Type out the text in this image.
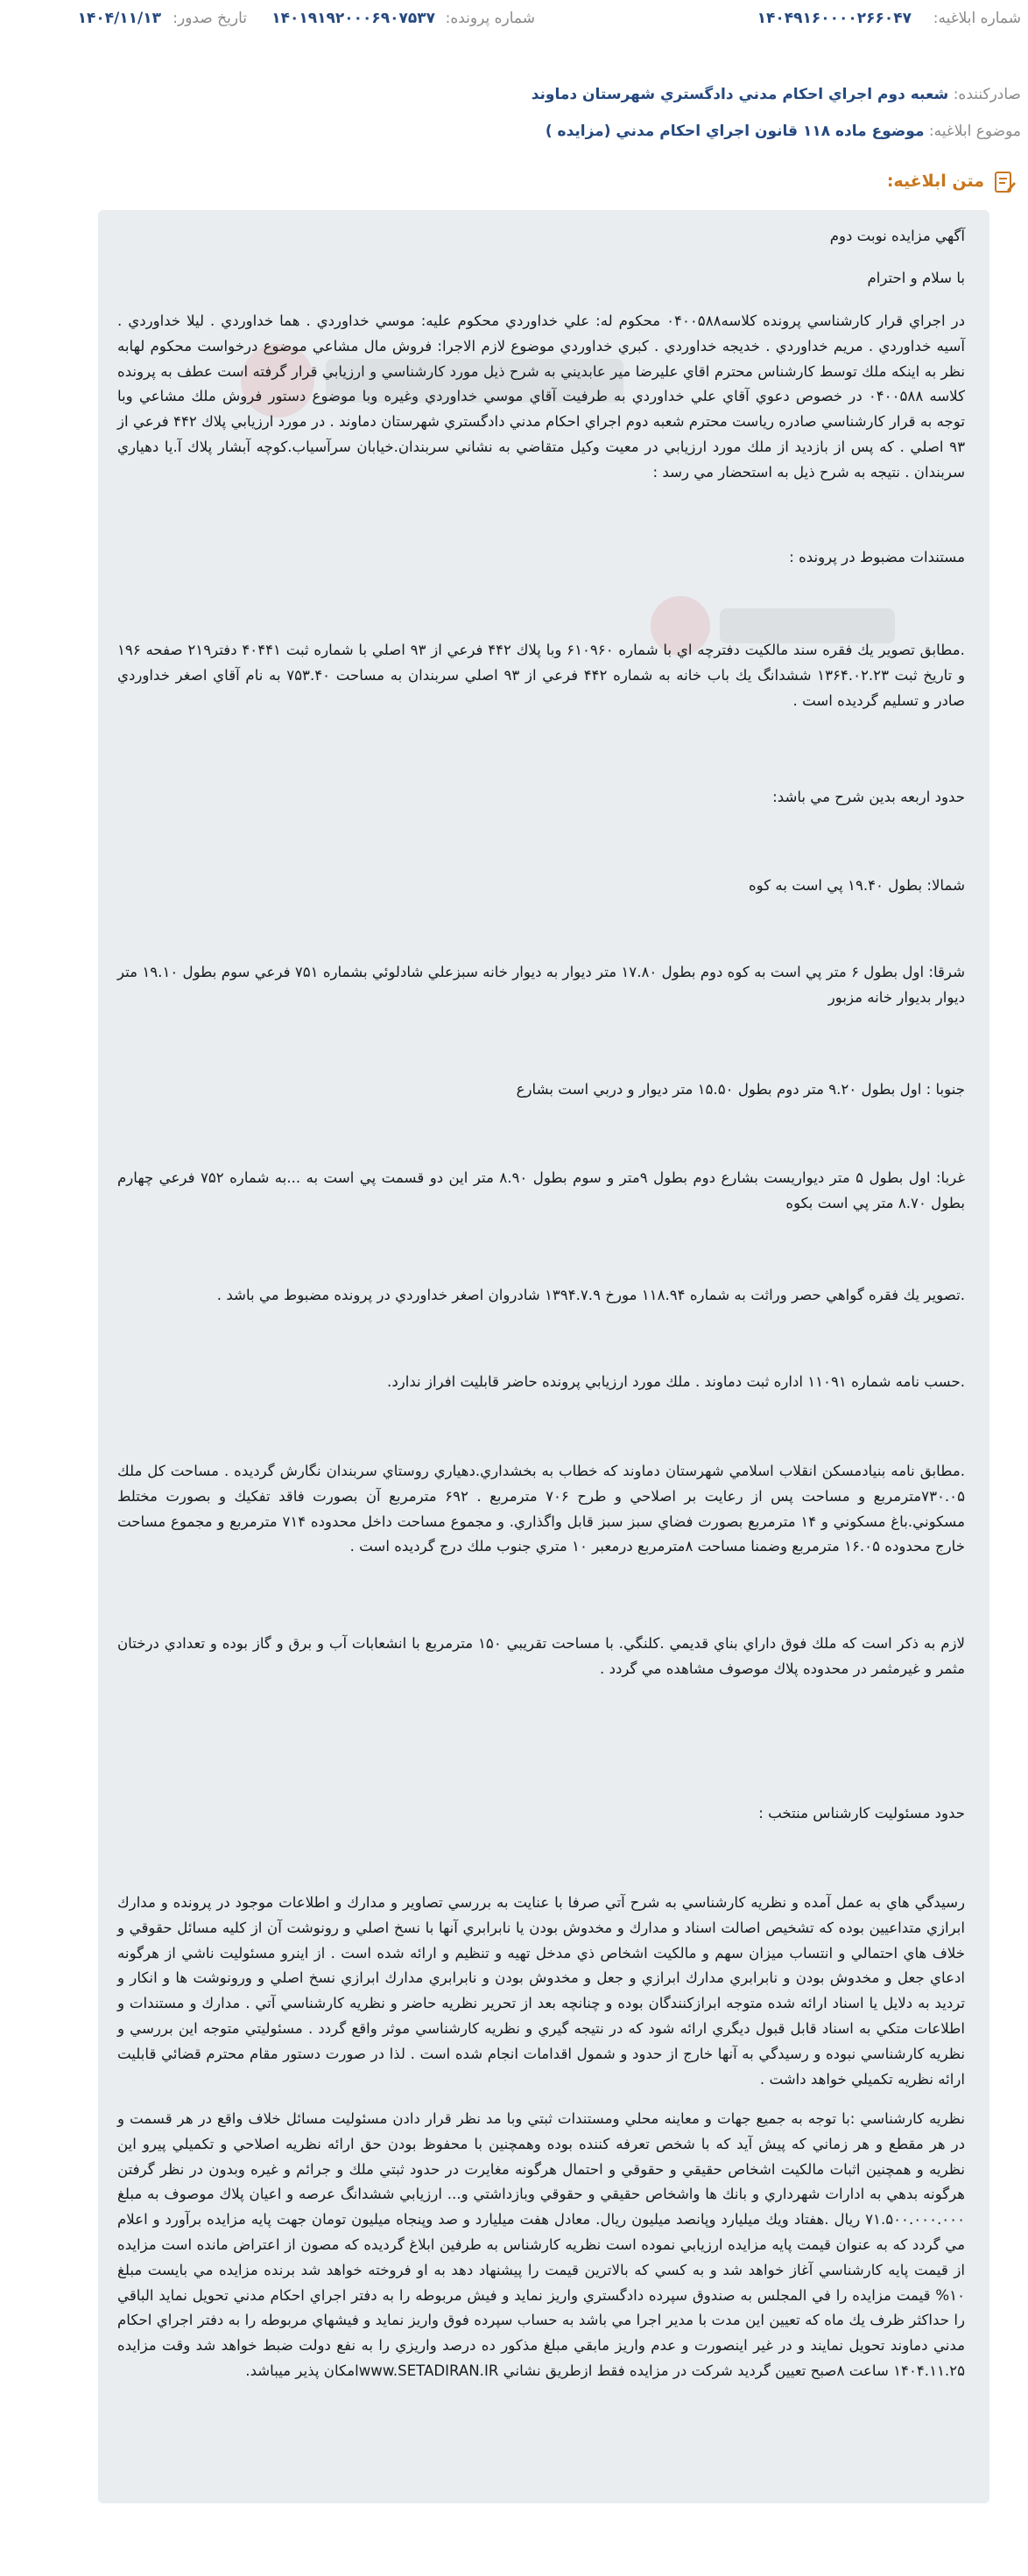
شماره ابلاغيه:
۱۴۰۴۹۱۶۰۰۰۰۲۶۶۰۴۷
شماره پرونده:
۱۴۰۱۹۱۹۲۰۰۰۶۹۰۷۵۳۷
تاريخ صدور:
۱۴۰۴/۱۱/۱۳
صادرکننده: شعبه دوم اجراي احكام مدني دادگستري شهرستان دماوند
موضوع ابلاغيه: موضوع ماده ۱۱۸ قانون اجراي احکام مدني (مزايده )
متن ابلاغيه:

آگهي مزايده نوبت دوم

با سلام و احترام

در اجراي قرار كارشناسي پرونده كلاسه۰۴۰۰۵۸۸ محكوم له: علي خداوردي محكوم عليه: موسي خداوردي . هما خداوردي . ليلا خداوردي . آسيه خداوردي . مريم خداوردي . خديجه خداوردي . كبري خداوردي موضوع لازم الاجرا: فروش مال مشاعي موضوع درخواست محكوم لهابه نظر به اينكه ملك توسط كارشناس محترم اقاي عليرضا مير عابديني به شرح ذيل مورد كارشناسي و ارزيابي قرار گرفته است عطف به پرونده كلاسه ۰۴۰۰۵۸۸ در خصوص دعوي آقاي علي خداوردي به طرفيت آقاي موسي خداوردي وغيره وبا موضوع دستور فروش ملك مشاعي وبا توجه به قرار كارشناسي صادره رياست محترم شعبه دوم اجراي احكام مدني دادگستري شهرستان دماوند . در مورد ارزيابي پلاك ۴۴۲ فرعي از ۹۳ اصلي . كه پس از بازديد از ملك مورد ارزيابي در معيت وكيل متقاضي به نشاني سربندان.خيابان سرآسياب.كوچه آبشار پلاك آ.يا دهياري سربندان . نتيجه به شرح ذيل به استحضار مي رسد :

مستندات مضبوط در پرونده :

.مطابق تصوير يك فقره سند مالكيت دفترچه اي با شماره ۶۱۰۹۶۰ وبا پلاك ۴۴۲ فرعي از ۹۳ اصلي با شماره ثبت ۴۰۴۴۱ دفتر۲۱۹ صفحه ۱۹۶ و تاريخ ثبت ۱۳۶۴.۰۲.۲۳ ششدانگ يك باب خانه به شماره ۴۴۲ فرعي از ۹۳ اصلي سربندان به مساحت ۷۵۳.۴۰ به نام آقاي اصغر خداوردي صادر و تسليم گرديده است .

حدود اربعه بدين شرح مي باشد:

شمالا: بطول ۱۹.۴۰ پي است به كوه

شرقا: اول بطول ۶ متر پي است به كوه دوم بطول ۱۷.۸۰ متر ديوار به ديوار خانه سبزعلي شادلوئي بشماره ۷۵۱ فرعي سوم بطول ۱۹.۱۰ متر ديوار بديوار خانه مزبور

جنوبا : اول بطول ۹.۲۰ متر دوم بطول ۱۵.۵۰ متر ديوار و دربي است بشارع

غربا: اول بطول ۵ متر ديواريست بشارع دوم بطول ۹متر و سوم بطول ۸.۹۰ متر اين دو قسمت پي است به ...به شماره ۷۵۲ فرعي چهارم بطول ۸.۷۰ متر پي است بكوه

.تصوير يك فقره گواهي حصر وراثت به شماره ۱۱۸.۹۴ مورخ ۱۳۹۴.۷.۹ شادروان اصغر خداوردي در پرونده مضبوط مي باشد .

.حسب نامه شماره ۱۱۰۹۱ اداره ثبت دماوند . ملك مورد ارزيابي پرونده حاضر قابليت افراز ندارد.

.مطابق نامه بنيادمسكن انقلاب اسلامي شهرستان دماوند كه خطاب به بخشداري.دهياري روستاي سربندان نگارش گرديده . مساحت كل ملك ۷۳۰.۰۵مترمربع و مساحت پس از رعايت بر اصلاحي و طرح ۷۰۶ مترمربع . ۶۹۲ مترمربع آن بصورت فاقد تفكيك و بصورت مختلط مسكوني.باغ مسكوني و ۱۴ مترمربع بصورت فضاي سبز سبز قابل واگذاري. و مجموع مساحت داخل محدوده ۷۱۴ مترمربع و مجموع مساحت خارج محدوده ۱۶.۰۵ مترمربع وضمنا مساحت ۸مترمربع درمعبر ۱۰ متري جنوب ملك درج گرديده است .

لازم به ذكر است كه ملك فوق داراي بناي قديمي .كلنگي. با مساحت تقريبي ۱۵۰ مترمربع با انشعابات آب و برق و گاز بوده و تعدادي درختان مثمر و غيرمثمر در محدوده پلاك موصوف مشاهده مي گردد .

حدود مسئوليت كارشناس منتخب :

رسيدگي هاي به عمل آمده و نظريه كارشناسي به شرح آتي صرفا با عنايت به بررسي تصاوير و مدارك و اطلاعات موجود در پرونده و مدارك ابرازي متداعيين بوده كه تشخيص اصالت اسناد و مدارك و مخدوش بودن يا نابرابري آنها با نسخ اصلي و رونوشت آن از كليه مسائل حقوقي و خلاف هاي احتمالي و انتساب ميزان سهم و مالكيت اشخاص ذي مدخل تهيه و تنظيم و ارائه شده است . از اينرو مسئوليت ناشي از هرگونه ادعاي جعل و مخدوش بودن و نابرابري مدارك ابرازي و جعل و مخدوش بودن و نابرابري مدارك ابرازي نسخ اصلي و ورونوشت ها و انكار و ترديد به دلايل يا اسناد ارائه شده متوجه ابرازكنندگان بوده و چنانچه بعد از تحرير نظريه حاضر و نظريه كارشناسي آتي . مدارك و مستندات و اطلاعات متكي به اسناد قابل قبول ديگري ارائه شود كه در نتيجه گيري و نظريه كارشناسي موثر واقع گردد . مسئوليتي متوجه اين بررسي و نظريه كارشناسي نبوده و رسيدگي به آنها خارج از حدود و شمول اقدامات انجام شده است . لذا در صورت دستور مقام محترم قضائي قابليت ارائه نظريه تكميلي خواهد داشت .

نظريه كارشناسي :با توجه به جميع جهات و معاينه محلي ومستندات ثبتي وبا مد نظر قرار دادن مسئوليت مسائل خلاف واقع در هر قسمت و در هر مقطع و هر زماني كه پيش آيد كه با شخص تعرفه كننده بوده وهمچنين با محفوظ بودن حق ارائه نظريه اصلاحي و تكميلي پيرو اين نظريه و همچنين اثبات مالكيت اشخاص حقيقي و حقوقي و احتمال هرگونه مغايرت در حدود ثبتي ملك و جرائم و غيره وبدون در نظر گرفتن هرگونه بدهي به ادارات شهرداري و بانك ها واشخاص حقيقي و حقوقي وبازداشتي و... ارزيابي ششدانگ عرصه و اعيان پلاك موصوف به مبلغ ۷۱.۵۰۰.۰۰۰.۰۰۰ ريال .هفتاد ويك ميليارد وپانصد ميليون ريال. معادل هفت ميليارد و صد وپنجاه ميليون تومان جهت پايه مزايده برآورد و اعلام مي گردد كه به عنوان قيمت پايه مزايده ارزيابي نموده است نظريه كارشناس به طرفين ابلاغ گرديده كه مصون از اعتراض مانده است مزايده از قيمت پايه كارشناسي آغاز خواهد شد و به كسي كه بالاترين قيمت را پيشنهاد دهد به او فروخته خواهد شد برنده مزايده مي بايست مبلغ ۱۰% قيمت مزايده را في المجلس به صندوق سپرده دادگستري واريز نمايد و فيش مربوطه را به دفتر اجراي احكام مدني تحويل نمايد الباقي را حداكثر ظرف يك ماه كه تعيين اين مدت با مدير اجرا مي باشد به حساب سپرده فوق واريز نمايد و فيشهاي مربوطه را به دفتر اجراي احكام مدني دماوند تحويل نمايند و در غير اينصورت و عدم واريز مابقي مبلغ مذكور ده درصد واريزي را به نفع دولت ضبط خواهد شد وقت مزايده ۱۴۰۴.۱۱.۲۵ ساعت ۸صبح تعيين گرديد شركت در مزايده فقط ازطريق نشاني www.SETADIRAN.IRامكان پذير ميباشد.
